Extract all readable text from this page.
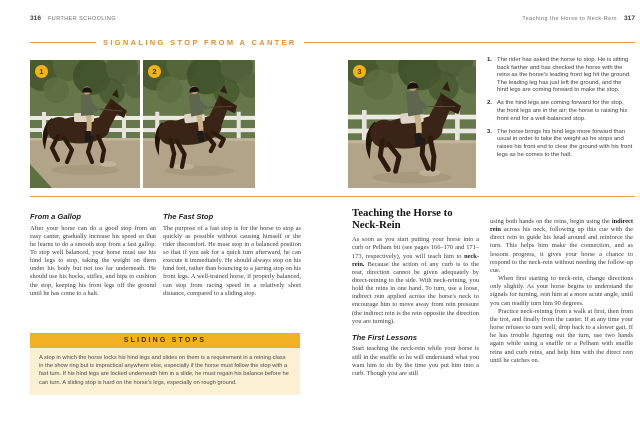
316 FURTHER SCHOOLING	Teaching the Horse to Neck-Rein 317
SIGNALING STOP FROM A CANTER
1	2	3
1. The rider has asked the horse to stop. He is sitting back farther and has checked the horse with the reins as the horse's leading front leg hit the ground. The leading leg has just left the ground, and the hind legs are coming forward to make the stop.
2. As the hind legs are coming forward for the stop, the front legs are in the air; the horse is raising his front end for a well-balanced stop.
3. The horse brings his hind legs more forward than usual in order to take the weight as he stops and raises his front end to clear the ground with his front legs as he comes to the halt.
From a Gallop

After your horse can do a good stop from an easy canter, gradually increase his speed so that he learns to do a smooth stop from a fast gallop. To stop well balanced, your horse must use his hind legs to stop, taking the weight on them under his body but not too far underneath. He should use his hocks, stifles, and hips to cushion the stop, keeping his front legs off the ground until he has come to a halt.

The Fast Stop

The purpose of a fast stop is for the horse to stop as quickly as possible without causing himself or the rider discomfort. He must stop in a balanced position so that if you ask for a quick turn afterward, he can execute it immediately. He should always stop on his hind feet, rather than bouncing to a jarring stop on his front legs. A well-trained horse, if properly balanced, can stop from racing speed in a relatively short distance, compared to a sliding stop.

SLIDING STOPS
A stop in which the horse locks his hind legs and slides on them is a requirement in a reining class in the show ring but is impractical anywhere else, especially if the horse must follow the stop with a fast turn. If his hind legs are locked underneath him in a slide, he must regain his balance before he can turn. A sliding stop is hard on the horse's legs, especially on rough ground.
Teaching the Horse to Neck-Rein

As soon as you start putting your horse into a curb or Pelham bit (see pages 166–170 and 171–173, respectively), you will teach him to neck-rein. Because the action of any curb is to the rear, direction cannot be given adequately by direct-reining to the side. With neck-reining, you hold the reins in one hand. To turn, use a loose, indirect rein applied across the horse's neck to encourage him to move away from rein pressure (the indirect rein is the rein opposite the direction you are turning).

The First Lessons

Start teaching the neck-rein while your horse is still in the snaffle so he will understand what you want him to do by the time you put him into a curb. Though you are still

using both hands on the reins, begin using the indirect rein across his neck, following up this cue with the direct rein to guide his head around and reinforce the turn. This helps him make the connection, and as lessons progress, it gives your horse a chance to respond to the neck-rein without needing the follow-up cue.

When first starting to neck-rein, change directions only slightly. As your horse begins to understand the signals for turning, rein him at a more acute angle, until you can readily turn him 90 degrees.

Practice neck-reining from a walk at first, then from the trot, and finally from the canter. If at any time your horse refuses to turn well, drop back to a slower gait. If he has trouble figuring out the turn, use two hands again while using a snaffle or a Pelham with snaffle reins and curb reins, and help him with the direct rein until he catches on.
